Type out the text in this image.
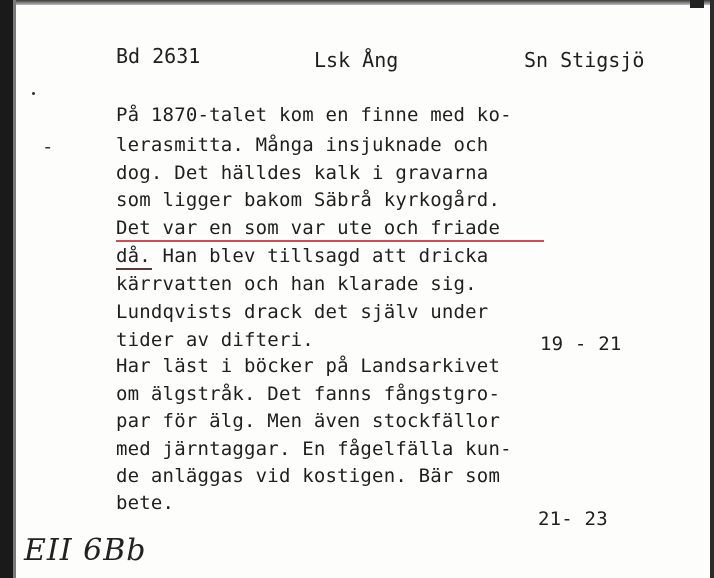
Bd 2631	Lsk Ång	Sn Stigsjö
-
På 1870-talet kom en finne med ko-
lerasmitta. Många insjuknade och
dog. Det hälldes kalk i gravarna
som ligger bakom Säbrå kyrkogård.
Det var en som var ute och friade
då. Han blev tillsagd att dricka
kärrvatten och han klarade sig.
Lundqvists drack det själv under
tider av difteri.	19 - 21
Har läst i böcker på Landsarkivet
om älgstråk. Det fanns fångstgro-
par för älg. Men även stockfällor
med järntaggar. En fågelfälla kun-
de anläggas vid kostigen. Bär som
bete.
21- 23
EII 6Bb
